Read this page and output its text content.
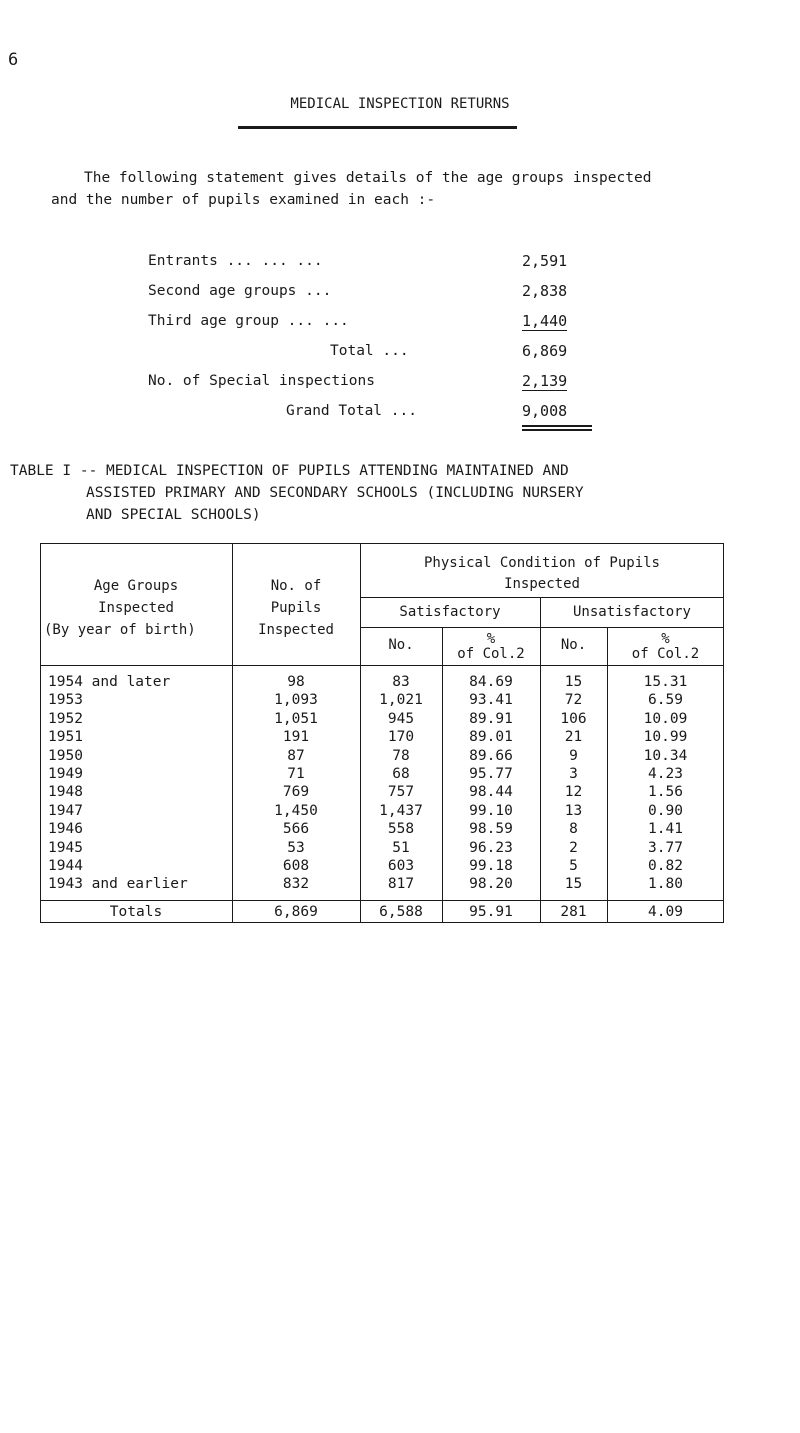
6
MEDICAL INSPECTION RETURNS
The following statement gives details of the age groups inspected
and the number of pupils examined in each :-
Entrants ... ... ...	2,591
Second age groups ...	2,838
Third age group ... ...	1,440
Total ...	6,869
No. of Special inspections	2,139
Grand Total ...	9,008
TABLE I -- MEDICAL INSPECTION OF PUPILS ATTENDING MAINTAINED AND
ASSISTED PRIMARY AND SECONDARY SCHOOLS (INCLUDING NURSERY
AND SPECIAL SCHOOLS)
Age Groups
Inspected
(By year of birth)
No. of
Pupils
Inspected
Physical Condition of Pupils
Inspected
Satisfactory	Unsatisfactory
No.	%
of Col.2
No.	%
of Col.2
1954 and later	98	83	84.69	15	15.31
1953	1,093	1,021	93.41	72	6.59
1952	1,051	945	89.91	106	10.09
1951	191	170	89.01	21	10.99
1950	87	78	89.66	9	10.34
1949	71	68	95.77	3	4.23
1948	769	757	98.44	12	1.56
1947	1,450	1,437	99.10	13	0.90
1946	566	558	98.59	8	1.41
1945	53	51	96.23	2	3.77
1944	608	603	99.18	5	0.82
1943 and earlier	832	817	98.20	15	1.80
Totals	6,869	6,588	95.91	281	4.09
